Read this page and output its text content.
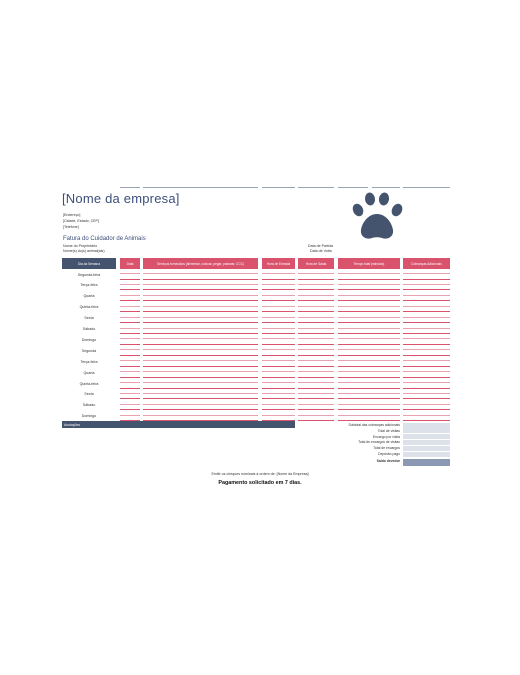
[Nome da empresa]
[Endereço]
[Cidade, Estado, CEP]
[Telefone]
Fatura do Cuidador de Animais
Nome do Proprietário
Nome(s) do(s) animal(ais)
Data de Partida
Data de Volta
Dia da Semana	Data	Serviços fornecidos (alimentar, colocar, pegar, passear, CCC)	Hora de Entrada	Hora de Saída	Tempo total (minutos)	Cobranças Adicionais
Segunda-feira
Terça-feira
Quarta
Quinta-feira
Sexta
Sábado
Domingo
Segunda
Terça-feira
Quarta
Quinta-feira
Sexta
Sábado
Domingo
Anotações	Subtotal das cobranças adicionais
Total de visitas
Encargo por visita
Total de encargos de visitas
Total de encargos
Depósito pago
Saldo devedor
Emitir os cheques nominais à ordem de: [Nome da Empresa]
Pagamento solicitado em 7 dias.
